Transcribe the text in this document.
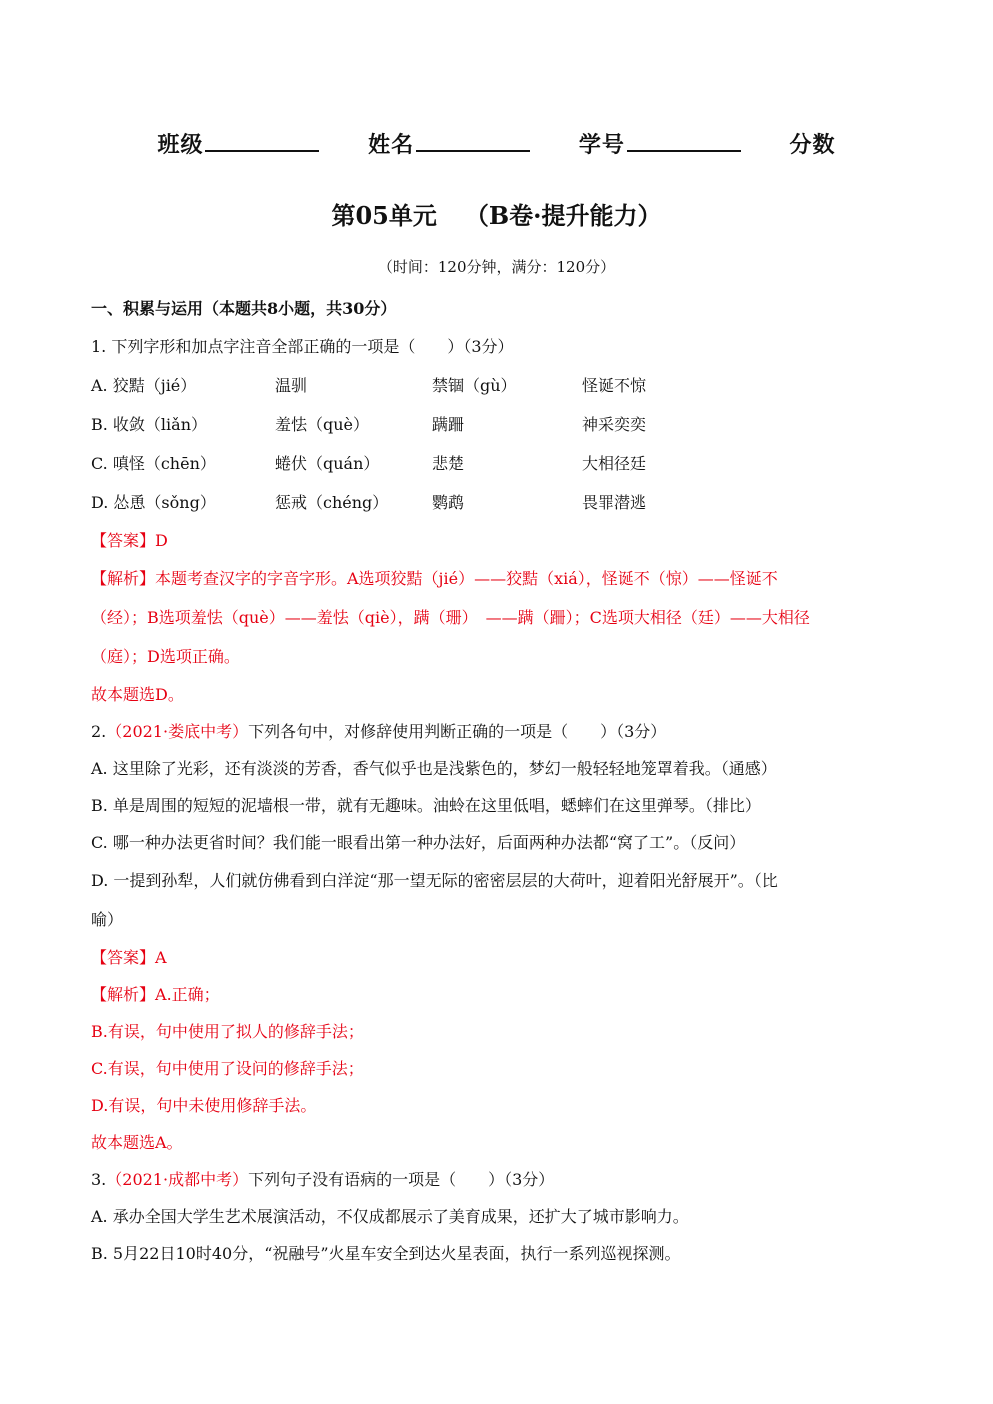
班级	姓名	学号	分数
第05单元 （B卷·提升能力）
（时间：120分钟，满分：120分）
一、积累与运用（本题共8小题，共30分）
1. 下列字形和加点字注音全部正确的一项是（　　）（3分）
A. 狡黠（jié）	温驯	禁锢（gù）	怪诞不惊
B. 收敛（liǎn）	羞怯（què）	蹒跚	神采奕奕
C. 嗔怪（chēn）	蜷伏（quán）	悲楚	大相径廷
D. 怂恿（sǒng）	惩戒（chéng）	鹦鹉	畏罪潜逃
【答案】D
【解析】本题考查汉字的字音字形。A选项狡黠（jié）——狡黠（xiá），怪诞不（惊）——怪诞不
（经）；B选项羞怯（què）——羞怯（qiè），蹒（珊）　——蹒（跚）；C选项大相径（廷）——大相径
（庭）；D选项正确。
故本题选D。
2.（2021·娄底中考）下列各句中，对修辞使用判断正确的一项是（　　）（3分）
A. 这里除了光彩，还有淡淡的芳香，香气似乎也是浅紫色的，梦幻一般轻轻地笼罩着我。（通感）
B. 单是周围的短短的泥墙根一带，就有无趣味。油蛉在这里低唱，蟋蟀们在这里弹琴。（排比）
C. 哪一种办法更省时间？我们能一眼看出第一种办法好，后面两种办法都“窝了工”。（反问）
D. 一提到孙犁，人们就仿佛看到白洋淀“那一望无际的密密层层的大荷叶，迎着阳光舒展开”。（比
喻）
【答案】A
【解析】A.正确；
B.有误，句中使用了拟人的修辞手法；
C.有误，句中使用了设问的修辞手法；
D.有误，句中未使用修辞手法。
故本题选A。
3.（2021·成都中考）下列句子没有语病的一项是（　　）（3分）
A. 承办全国大学生艺术展演活动，不仅成都展示了美育成果，还扩大了城市影响力。
B. 5月22日10时40分，“祝融号”火星车安全到达火星表面，执行一系列巡视探测。
